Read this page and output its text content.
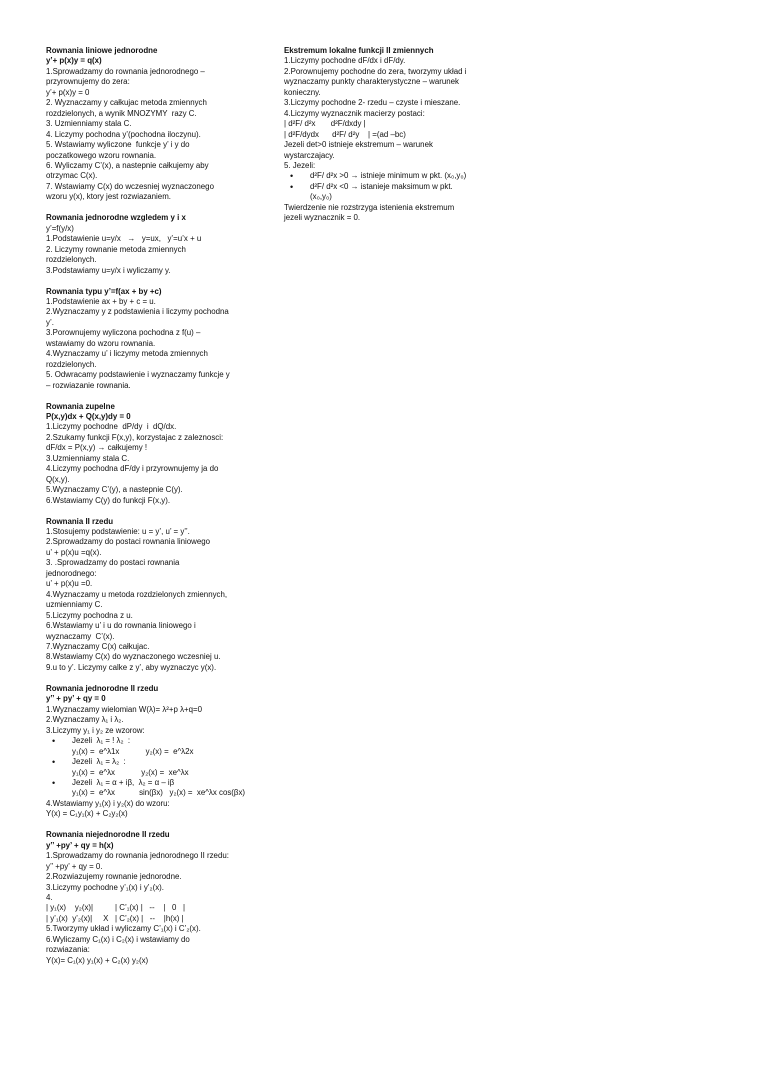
Rownania liniowe jednorodne
y’+ p(x)y = q(x)
1.Sprowadzamy do rownania jednorodnego –
przyrownujemy do zera:
y’+ p(x)y = 0
2. Wyznaczamy y całkujac metoda zmiennych
rozdzielonych, a wynik MNOZYMY  razy C.
3. Uzmienniamy stala C.
4. Liczymy pochodna y’(pochodna iloczynu).
5. Wstawiamy wyliczone  funkcje y’ i y do
poczatkowego wzoru rownania.
6. Wyliczamy C’(x), a nastepnie całkujemy aby
otrzymac C(x).
7. Wstawiamy C(x) do wczesniej wyznaczonego
wzoru y(x), ktory jest rozwiazaniem.
Rownania jednorodne wzgledem y i x
y’=f(y/x)
1.Podstawienie u=y/x   →   y=ux,   y’=u’x + u
2. Liczymy rownanie metoda zmiennych
rozdzielonych.
3.Podstawiamy u=y/x i wyliczamy y.
Rownania typu y’=f(ax + by +c)
1.Podstawienie ax + by + c = u.
2.Wyznaczamy y z podstawienia i liczymy pochodna
y’.
3.Porownujemy wyliczona pochodna z f(u) –
wstawiamy do wzoru rownania.
4.Wyznaczamy u’ i liczymy metoda zmiennych
rozdzielonych.
5. Odwracamy podstawienie i wyznaczamy funkcje y
– rozwiazanie rownania.
Rownania zupelne
P(x,y)dx + Q(x,y)dy = 0
1.Liczymy pochodne  dP/dy  i  dQ/dx.
2.Szukamy funkcji F(x,y), korzystajac z zaleznosci:
dF/dx = P(x,y) → całkujemy !
3.Uzmienniamy stala C.
4.Liczymy pochodna dF/dy i przyrownujemy ja do
Q(x,y).
5.Wyznaczamy C’(y), a nastepnie C(y).
6.Wstawiamy C(y) do funkcji F(x,y).
Rownania II rzedu
1.Stosujemy podstawienie: u = y’, u’ = y’’.
2.Sprowadzamy do postaci rownania liniowego
u’ + p(x)u =q(x).
3. .Sprowadzamy do postaci rownania
jednorodnego:
u’ + p(x)u =0.
4.Wyznaczamy u metoda rozdzielonych zmiennych,
uzmienniamy C.
5.Liczymy pochodna z u.
6.Wstawiamy u’ i u do rownania liniowego i
wyznaczamy  C’(x).
7.Wyznaczamy C(x) całkujac.
8.Wstawiamy C(x) do wyznaczonego wczesniej u.
9.u to y’. Liczymy calke z y’, aby wyznaczyc y(x).
Rownania jednorodne II rzedu
y’’ + py’ + qy = 0
1.Wyznaczamy wielomian W(λ)= λ²+p λ+q=0
2.Wyznaczamy λ₁ i λ₂.
3.Liczymy y₁ i y₂ ze wzorow:
• Jezeli  λ₁ = ! λ₂  :
y₁(x) =  e^λ1x            y₂(x) =  e^λ2x
• Jezeli  λ₁ = λ₂  :
y₁(x) =  e^λx            y₂(x) =  xe^λx
• Jezeli  λ₁ = α + iβ,  λ₂ = α – iβ
y₁(x) =  e^λx           sin(βx)   y₂(x) =  xe^λx cos(βx)
4.Wstawiamy y₁(x) i y₂(x) do wzoru:
Y(x) = C₁y₁(x) + C₂y₂(x)
Rownania niejednorodne II rzedu
y’’ +py’ + qy = h(x)
1.Sprowadzamy do rownania jednorodnego II rzedu:
y’’ +py’ + qy = 0.
2.Rozwiazujemy rownanie jednorodne.
3.Liczymy pochodne y’₁(x) i y’₂(x).
4.
| y₁(x)    y₂(x)|          | C’₁(x) |   --    |   0   |
| y’₁(x)  y’₂(x)|     X   | C’₂(x) |   --    |h(x) |
5.Tworzymy układ i wyliczamy C’₁(x) i C’₂(x).
6.Wyliczamy C₁(x) i C₂(x) i wstawiamy do
rozwiazania:
Y(x)= C₁(x) y₁(x) + C₂(x) y₂(x)
Ekstremum lokalne funkcji II zmiennych
1.Liczymy pochodne dF/dx i dF/dy.
2.Porownujemy pochodne do zera, tworzymy układ i
wyznaczamy punkty charakterystyczne – warunek
konieczny.
3.Liczymy pochodne 2- rzedu – czyste i mieszane.
4.Liczymy wyznacznik macierzy postaci:
| d²F/ d²x       d²F/dxdy |
| d²F/dydx      d²F/ d²y    | =(ad –bc)
Jezeli det>0 istnieje ekstremum – warunek
wystarczajacy.
5. Jezeli:
• d²F/ d²x >0 → istnieje minimum w pkt. (x₀,y₀)
• d²F/ d²x <0 → istanieje maksimum w pkt.
(x₀,y₀)
Twierdzenie nie rozstrzyga istenienia ekstremum
jezeli wyznacznik = 0.
